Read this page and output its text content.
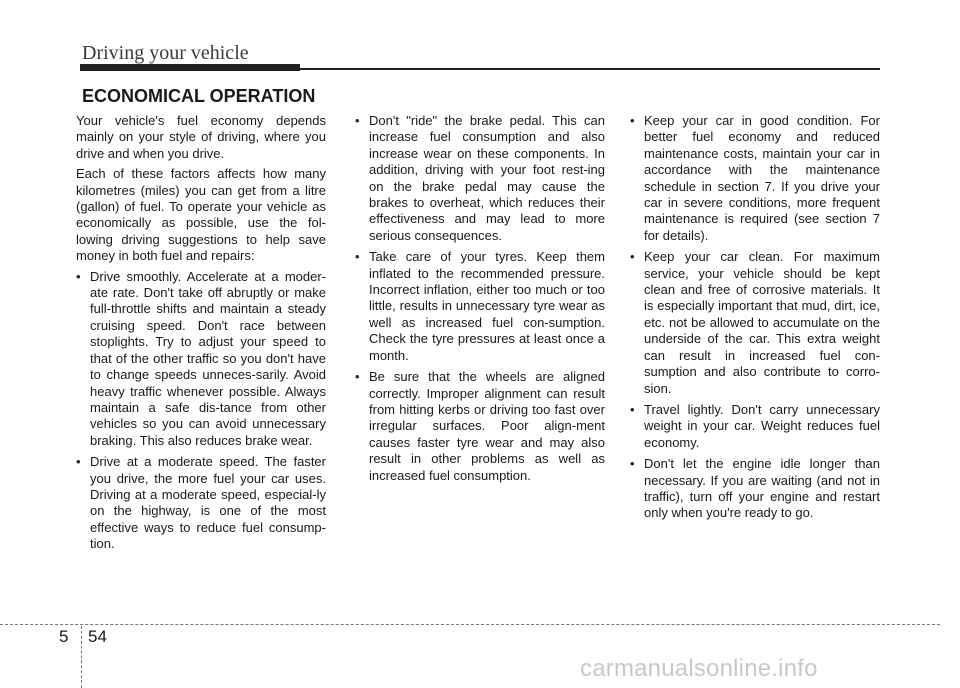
Driving your vehicle
ECONOMICAL OPERATION

Your vehicle's fuel economy depends mainly on your style of driving, where you drive and when you drive.

Each of these factors affects how many kilometres (miles) you can get from a litre (gallon) of fuel. To operate your vehicle as economically as possible, use the fol-lowing driving suggestions to help save money in both fuel and repairs:

• Drive smoothly. Accelerate at a moder-ate rate. Don't take off abruptly or make full-throttle shifts and maintain a steady cruising speed. Don't race between stoplights. Try to adjust your speed to that of the other traffic so you don't have to change speeds unneces-sarily. Avoid heavy traffic whenever possible. Always maintain a safe dis-tance from other vehicles so you can avoid unnecessary braking. This also reduces brake wear.
• Drive at a moderate speed. The faster you drive, the more fuel your car uses. Driving at a moderate speed, especial-ly on the highway, is one of the most effective ways to reduce fuel consump-tion.
• Don't "ride" the brake pedal. This can increase fuel consumption and also increase wear on these components. In addition, driving with your foot rest-ing on the brake pedal may cause the brakes to overheat, which reduces their effectiveness and may lead to more serious consequences.
• Take care of your tyres. Keep them inflated to the recommended pressure. Incorrect inflation, either too much or too little, results in unnecessary tyre wear as well as increased fuel con-sumption. Check the tyre pressures at least once a month.
• Be sure that the wheels are aligned correctly. Improper alignment can result from hitting kerbs or driving too fast over irregular surfaces. Poor align-ment causes faster tyre wear and may also result in other problems as well as increased fuel consumption.
• Keep your car in good condition. For better fuel economy and reduced maintenance costs, maintain your car in accordance with the maintenance schedule in section 7. If you drive your car in severe conditions, more frequent maintenance is required (see section 7 for details).
• Keep your car clean. For maximum service, your vehicle should be kept clean and free of corrosive materials. It is especially important that mud, dirt, ice, etc. not be allowed to accumulate on the underside of the car. This extra weight can result in increased fuel con-sumption and also contribute to corro-sion.
• Travel lightly. Don't carry unnecessary weight in your car. Weight reduces fuel economy.
• Don't let the engine idle longer than necessary. If you are waiting (and not in traffic), turn off your engine and restart only when you're ready to go.
5 54
carmanualsonline.info
